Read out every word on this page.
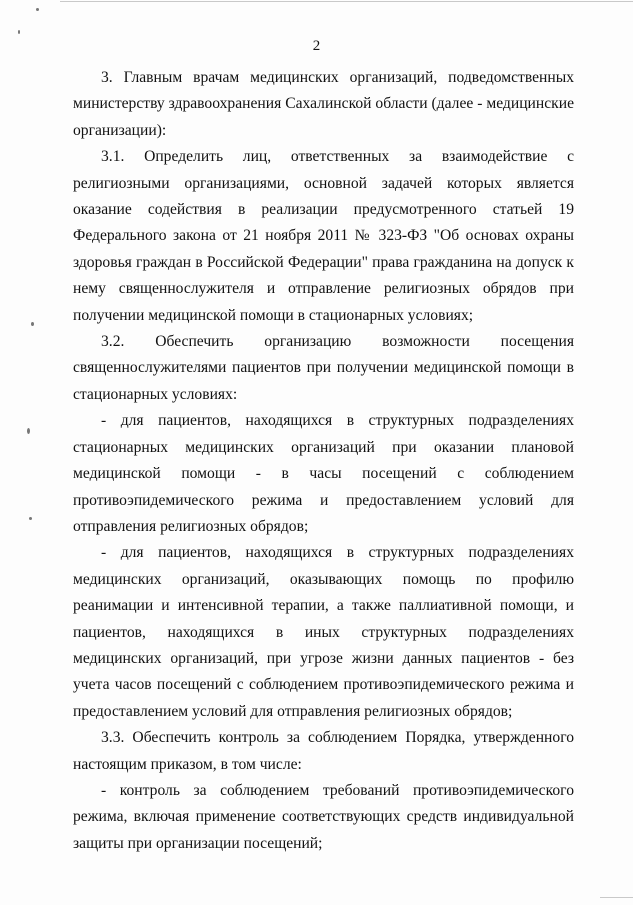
2

3. Главным врачам медицинских организаций, подведомственных министерству здравоохранения Сахалинской области (далее - медицинские организации):

3.1. Определить лиц, ответственных за взаимодействие с религиозными организациями, основной задачей которых является оказание содействия в реализации предусмотренного статьей 19 Федерального закона от 21 ноября 2011 № 323-ФЗ "Об основах охраны здоровья граждан в Российской Федерации" права гражданина на допуск к нему священнослужителя и отправление религиозных обрядов при получении медицинской помощи в стационарных условиях;

3.2. Обеспечить организацию возможности посещения священнослужителями пациентов при получении медицинской помощи в стационарных условиях:

- для пациентов, находящихся в структурных подразделениях стационарных медицинских организаций при оказании плановой медицинской помощи - в часы посещений с соблюдением противоэпидемического режима и предоставлением условий для отправления религиозных обрядов;

- для пациентов, находящихся в структурных подразделениях медицинских организаций, оказывающих помощь по профилю реанимации и интенсивной терапии, а также паллиативной помощи, и пациентов, находящихся в иных структурных подразделениях медицинских организаций, при угрозе жизни данных пациентов - без учета часов посещений с соблюдением противоэпидемического режима и предоставлением условий для отправления религиозных обрядов;

3.3. Обеспечить контроль за соблюдением Порядка, утвержденного настоящим приказом, в том числе:

- контроль за соблюдением требований противоэпидемического режима, включая применение соответствующих средств индивидуальной защиты при организации посещений;
